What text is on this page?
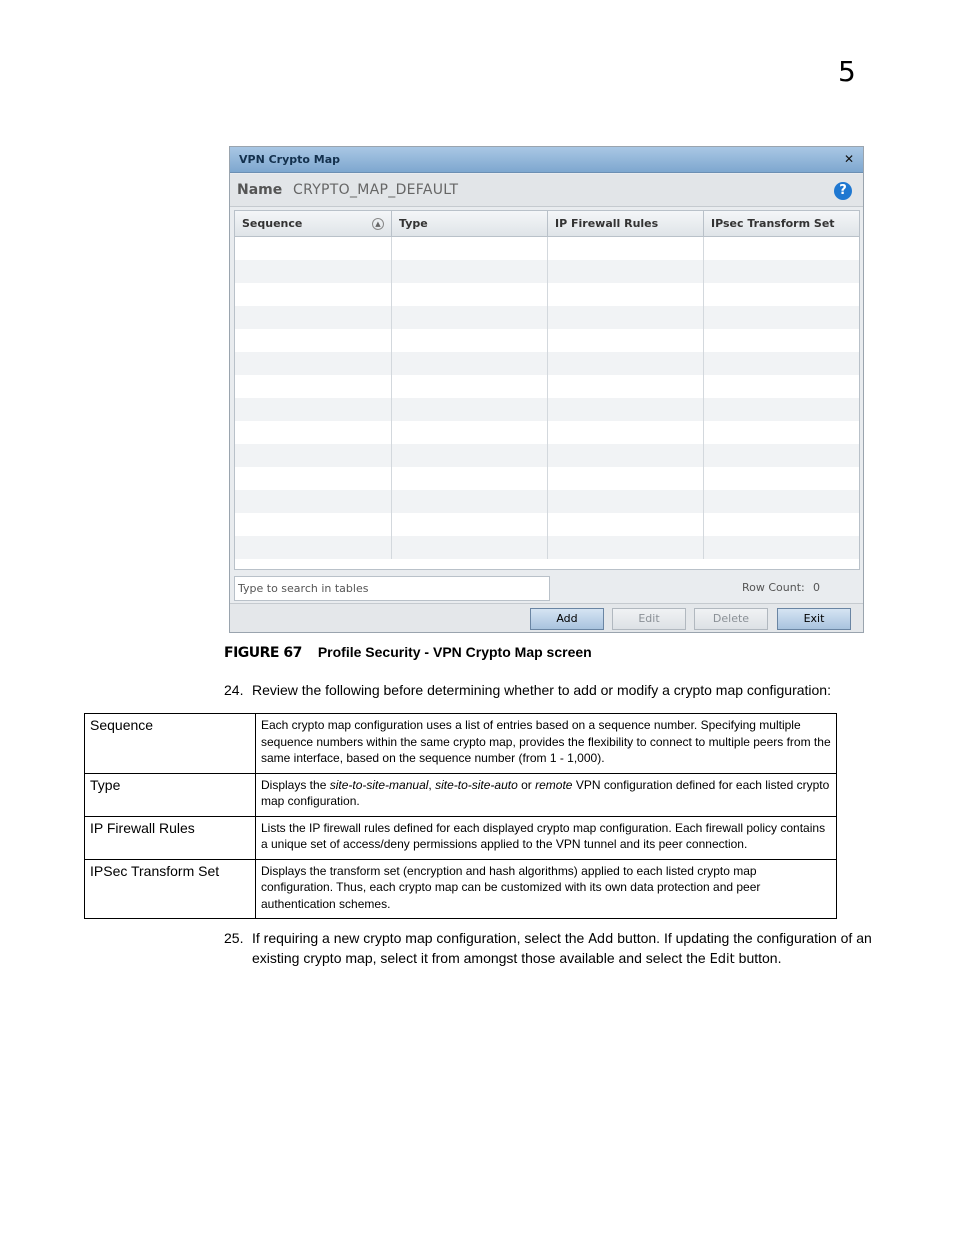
5
VPN Crypto Map	✕
Name CRYPTO_MAP_DEFAULT	?
Sequence	▲	Type	IP Firewall Rules	IPsec Transform Set
Type to search in tables	Row Count: 0
Add	Edit	Delete	Exit
FIGURE 67 Profile Security - VPN Crypto Map screen
24. Review the following before determining whether to add or modify a crypto map configuration:
Sequence	Each crypto map configuration uses a list of entries based on a sequence number. Specifying multiple sequence numbers within the same crypto map, provides the flexibility to connect to multiple peers from the same interface, based on the sequence number (from 1 - 1,000).
Type	Displays the site-to-site-manual, site-to-site-auto or remote VPN configuration defined for each listed crypto map configuration.
IP Firewall Rules	Lists the IP firewall rules defined for each displayed crypto map configuration. Each firewall policy contains a unique set of access/deny permissions applied to the VPN tunnel and its peer connection.
IPSec Transform Set	Displays the transform set (encryption and hash algorithms) applied to each listed crypto map configuration. Thus, each crypto map can be customized with its own data protection and peer authentication schemes.
25. If requiring a new crypto map configuration, select the Add button. If updating the configuration of an existing crypto map, select it from amongst those available and select the Edit button.
